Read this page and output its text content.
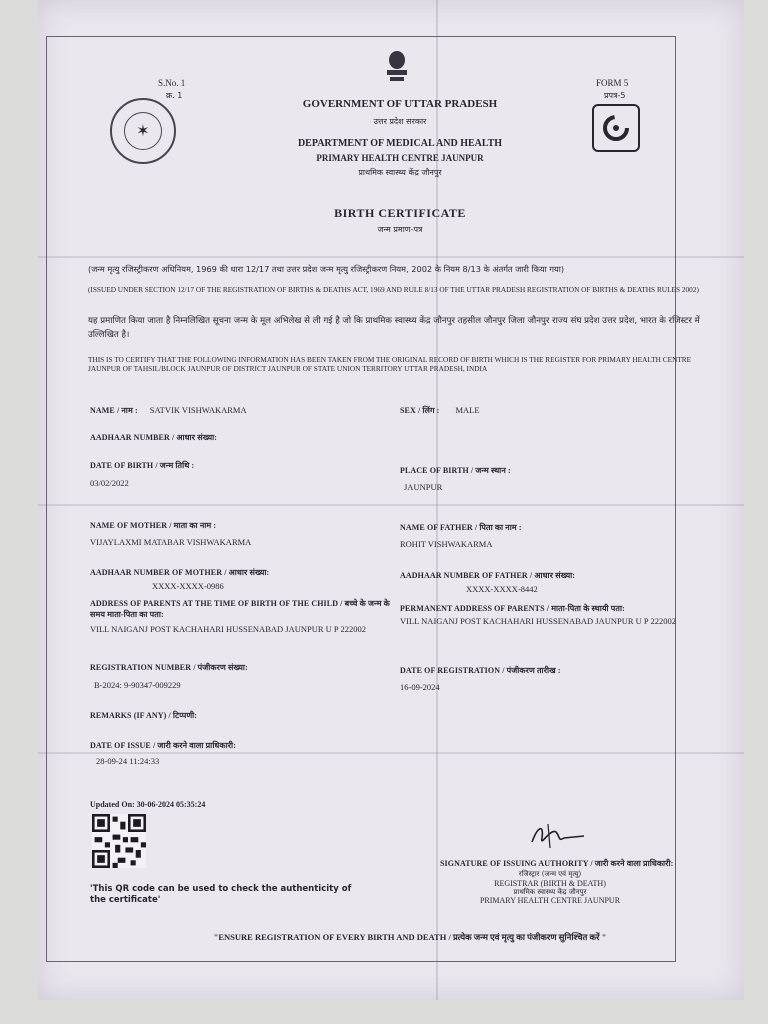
S.No. 1
क्र. 1
✶
FORM 5
प्रपत्र-5
GOVERNMENT OF UTTAR PRADESH
उत्तर प्रदेश सरकार
DEPARTMENT OF MEDICAL AND HEALTH
PRIMARY HEALTH CENTRE JAUNPUR
प्राथमिक स्वास्थ्य केंद्र जौनपुर
BIRTH CERTIFICATE
जन्म प्रमाण-पत्र
(जन्म मृत्यु रजिस्ट्रीकरण अधिनियम, 1969 की धारा 12/17 तथा उत्तर प्रदेश जन्म मृत्यु रजिस्ट्रीकरण नियम, 2002 के नियम 8/13 के अंतर्गत जारी किया गया)
(ISSUED UNDER SECTION 12/17 OF THE REGISTRATION OF BIRTHS & DEATHS ACT, 1969 AND RULE 8/13 OF THE UTTAR PRADESH REGISTRATION OF BIRTHS & DEATHS RULES 2002)
यह प्रमाणित किया जाता है निम्नलिखित सूचना जन्म के मूल अभिलेख से ली गई है जो कि प्राथमिक स्वास्थ्य केंद्र जौनपुर तहसील जौनपुर जिला जौनपुर राज्य संघ प्रदेश उत्तर प्रदेश, भारत के रजिस्टर में उल्लिखित है।
THIS IS TO CERTIFY THAT THE FOLLOWING INFORMATION HAS BEEN TAKEN FROM THE ORIGINAL RECORD OF BIRTH WHICH IS THE REGISTER FOR PRIMARY HEALTH CENTRE JAUNPUR OF TAHSIL/BLOCK JAUNPUR OF DISTRICT JAUNPUR OF STATE UNION TERRITORY UTTAR PRADESH, INDIA
NAME / नाम : SATVIK VISHWAKARMA	SEX / लिंग : MALE
AADHAAR NUMBER / आधार संख्या:
DATE OF BIRTH / जन्म तिथि :
03/02/2022
PLACE OF BIRTH / जन्म स्थान :
JAUNPUR
NAME OF MOTHER / माता का नाम :
VIJAYLAXMI MATABAR VISHWAKARMA
NAME OF FATHER / पिता का नाम :
ROHIT VISHWAKARMA
AADHAAR NUMBER OF MOTHER / आधार संख्या:
XXXX-XXXX-0986
AADHAAR NUMBER OF FATHER / आधार संख्या:
XXXX-XXXX-8442
ADDRESS OF PARENTS AT THE TIME OF BIRTH OF THE CHILD / बच्चे के जन्म के समय माता-पिता का पता:
VILL NAIGANJ POST KACHAHARI HUSSENABAD JAUNPUR U P 222002
PERMANENT ADDRESS OF PARENTS / माता-पिता के स्थायी पता:
VILL NAIGANJ POST KACHAHARI HUSSENABAD JAUNPUR U P 222002
REGISTRATION NUMBER / पंजीकरण संख्या:
B-2024: 9-90347-009229
DATE OF REGISTRATION / पंजीकरण तारीख :
16-09-2024
REMARKS (IF ANY) / टिप्पणी:
DATE OF ISSUE / जारी करने वाला प्राधिकारी:
28-09-24 11:24:33
Updated On: 30-06-2024 05:35:24
'This QR code can be used to check the authenticity of the certificate'
SIGNATURE OF ISSUING AUTHORITY / जारी करने वाला प्राधिकारी:
रजिस्ट्रार (जन्म एवं मृत्यु)
REGISTRAR (BIRTH & DEATH)
प्राथमिक स्वास्थ्य केंद्र जौनपुर
PRIMARY HEALTH CENTRE JAUNPUR
"ENSURE REGISTRATION OF EVERY BIRTH AND DEATH / प्रत्येक जन्म एवं मृत्यु का पंजीकरण सुनिश्चित करें "
